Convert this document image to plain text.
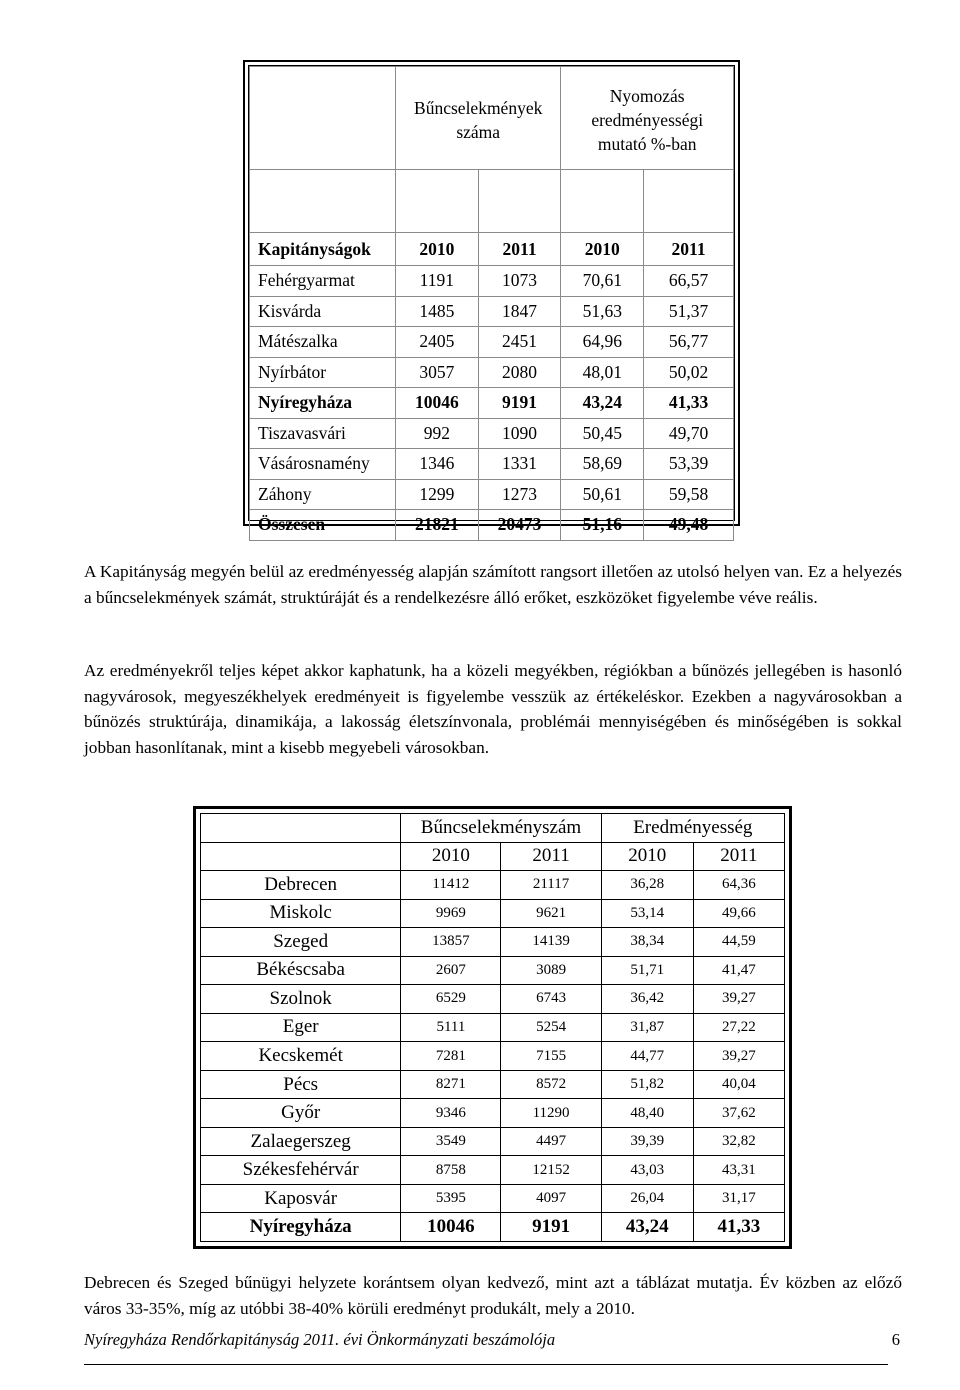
	Bűncselekmények száma		Nyomozás eredményességi mutató %-ban	

Kapitányságok	2010	2011	2010	2011
Fehérgyarmat	1191	1073	70,61	66,57
Kisvárda	1485	1847	51,63	51,37
Mátészalka	2405	2451	64,96	56,77
Nyírbátor	3057	2080	48,01	50,02
Nyíregyháza	10046	9191	43,24	41,33
Tiszavasvári	992	1090	50,45	49,70
Vásárosnamény	1346	1331	58,69	53,39
Záhony	1299	1273	50,61	59,58
Összesen	21821	20473	51,16	49,48

A Kapitányság megyén belül az eredményesség alapján számított rangsort illetően az utolsó helyen van. Ez a helyezés a bűncselekmények számát, struktúráját és a rendelkezésre álló erőket, eszközöket figyelembe véve reális.

Az eredményekről teljes képet akkor kaphatunk, ha a közeli megyékben, régiókban a bűnözés jellegében is hasonló nagyvárosok, megyeszékhelyek eredményeit is figyelembe vesszük az értékeléskor. Ezekben a nagyvárosokban a bűnözés struktúrája, dinamikája, a lakosság életszínvonala, problémái mennyiségében és minőségében is sokkal jobban hasonlítanak, mint a kisebb megyebeli városokban.

	Bűncselekményszám		Eredményesség	
	2010	2011	2010	2011
Debrecen	11412	21117	36,28	64,36
Miskolc	9969	9621	53,14	49,66
Szeged	13857	14139	38,34	44,59
Békéscsaba	2607	3089	51,71	41,47
Szolnok	6529	6743	36,42	39,27
Eger	5111	5254	31,87	27,22
Kecskemét	7281	7155	44,77	39,27
Pécs	8271	8572	51,82	40,04
Győr	9346	11290	48,40	37,62
Zalaegerszeg	3549	4497	39,39	32,82
Székesfehérvár	8758	12152	43,03	43,31
Kaposvár	5395	4097	26,04	31,17
Nyíregyháza	10046	9191	43,24	41,33

Debrecen és Szeged bűnügyi helyzete korántsem olyan kedvező, mint azt a táblázat mutatja. Év közben az előző város 33-35%, míg az utóbbi 38-40% körüli eredményt produkált, mely a 2010.

Nyíregyháza Rendőrkapitányság 2011. évi Önkormányzati beszámolója	6
